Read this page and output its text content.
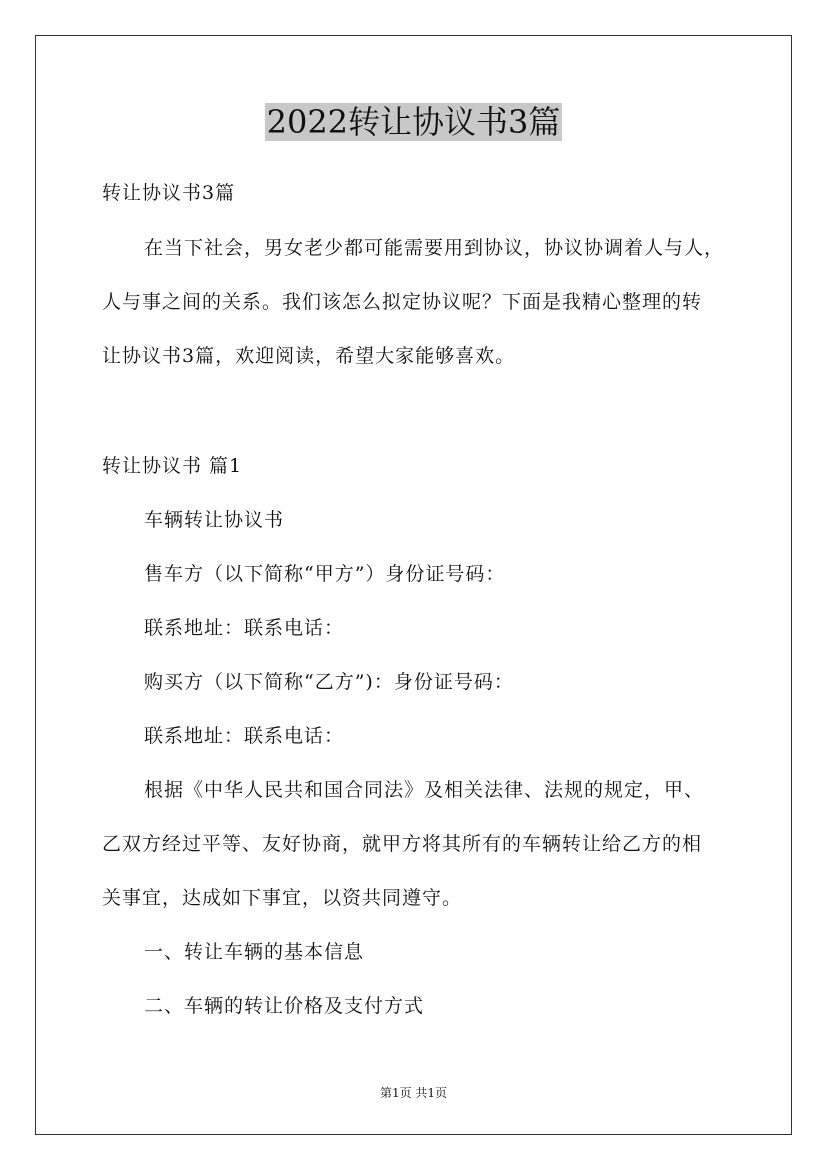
2022转让协议书3篇
转让协议书3篇
在当下社会，男女老少都可能需要用到协议，协议协调着人与人，
人与事之间的关系。我们该怎么拟定协议呢？下面是我精心整理的转
让协议书3篇，欢迎阅读，希望大家能够喜欢。
转让协议书 篇1
车辆转让协议书
售车方（以下简称“甲方”）身份证号码：
联系地址：联系电话：
购买方（以下简称“乙方”)：身份证号码：
联系地址：联系电话：
根据《中华人民共和国合同法》及相关法律、法规的规定，甲、
乙双方经过平等、友好协商，就甲方将其所有的车辆转让给乙方的相
关事宜，达成如下事宜，以资共同遵守。
一、转让车辆的基本信息
二、车辆的转让价格及支付方式
第1页 共1页
